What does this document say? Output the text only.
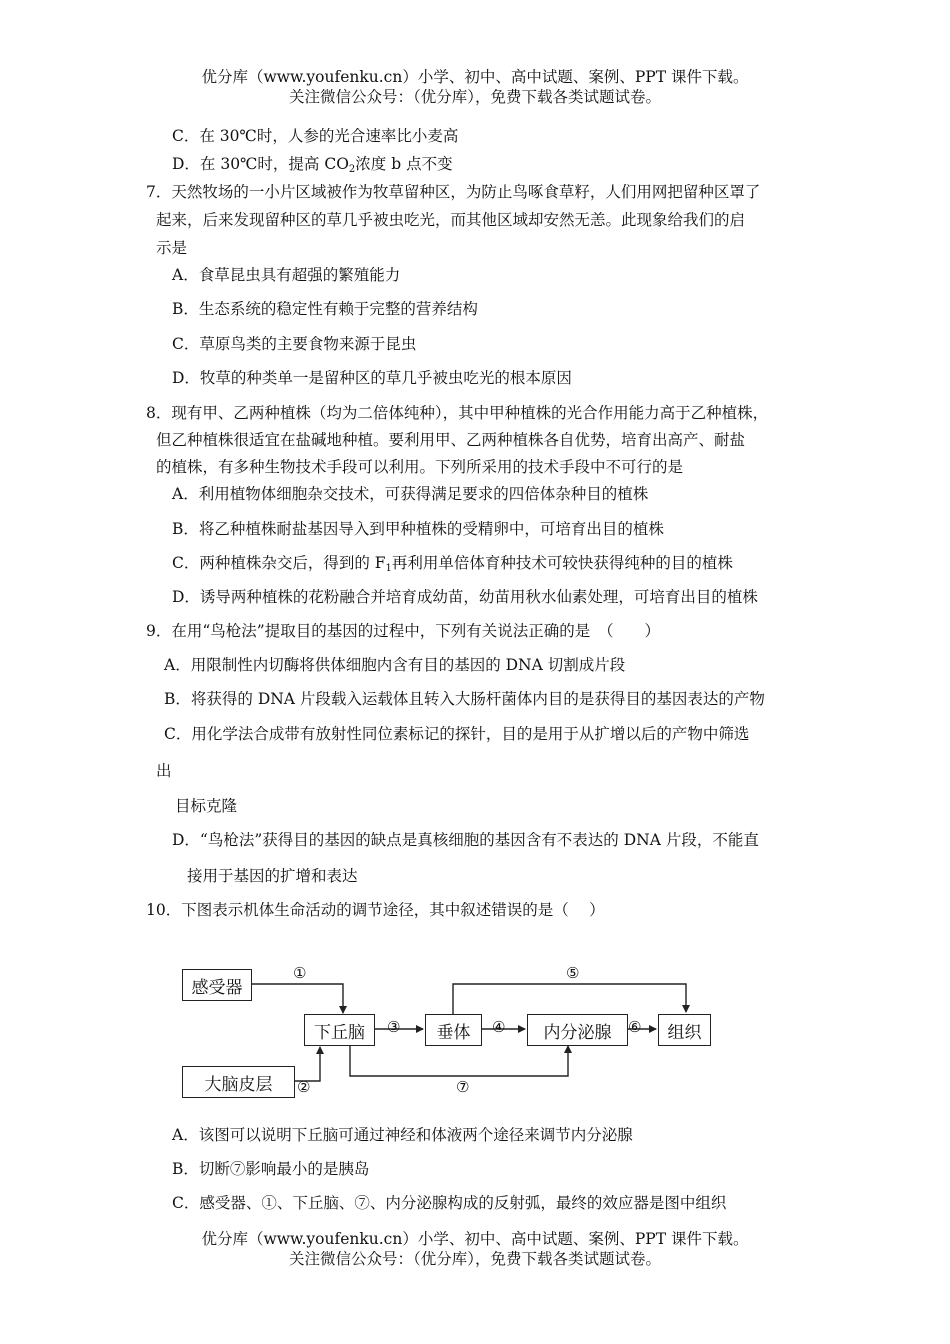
优分库（www.youfenku.cn）小学、初中、高中试题、案例、PPT 课件下载。
关注微信公众号：（优分库），免费下载各类试题试卷。
C．在 30℃时，人参的光合速率比小麦高
D．在 30℃时，提高 $CO_2$浓度 b 点不变
7．天然牧场的一小片区域被作为牧草留种区，为防止鸟啄食草籽，人们用网把留种区罩了
起来，后来发现留种区的草几乎被虫吃光，而其他区域却安然无恙。此现象给我们的启
示是
A．食草昆虫具有超强的繁殖能力
B．生态系统的稳定性有赖于完整的营养结构
C．草原鸟类的主要食物来源于昆虫
D．牧草的种类单一是留种区的草几乎被虫吃光的根本原因
8．现有甲、乙两种植株（均为二倍体纯种），其中甲种植株的光合作用能力高于乙种植株，
但乙种植株很适宜在盐碱地种植。要利用甲、乙两种植株各自优势，培育出高产、耐盐
的植株，有多种生物技术手段可以利用。下列所采用的技术手段中不可行的是
A．利用植物体细胞杂交技术，可获得满足要求的四倍体杂种目的植株
B．将乙种植株耐盐基因导入到甲种植株的受精卵中，可培育出目的植株
C．两种植株杂交后，得到的 $F_1$再利用单倍体育种技术可较快获得纯种的目的植株
D．诱导两种植株的花粉融合并培育成幼苗，幼苗用秋水仙素处理，可培育出目的植株
9．在用“鸟枪法”提取目的基因的过程中，下列有关说法正确的是　（　　）
A．用限制性内切酶将供体细胞内含有目的基因的 DNA 切割成片段
B．将获得的 DNA 片段载入运载体且转入大肠杆菌体内目的是获得目的基因表达的产物
C．用化学法合成带有放射性同位素标记的探针，目的是用于从扩增以后的产物中筛选
出
目标克隆
D．“鸟枪法”获得目的基因的缺点是真核细胞的基因含有不表达的 DNA 片段，不能直
接用于基因的扩增和表达
10．下图表示机体生命活动的调节途径，其中叙述错误的是（　 ）
感受器
大脑皮层
下丘脑	垂体	内分泌腺	组织
①
②
③	④
⑤
⑥
⑦
A．该图可以说明下丘脑可通过神经和体液两个途径来调节内分泌腺
B．切断⑦影响最小的是胰岛
C．感受器、①、下丘脑、⑦、内分泌腺构成的反射弧，最终的效应器是图中组织
优分库（www.youfenku.cn）小学、初中、高中试题、案例、PPT 课件下载。
关注微信公众号：（优分库），免费下载各类试题试卷。
